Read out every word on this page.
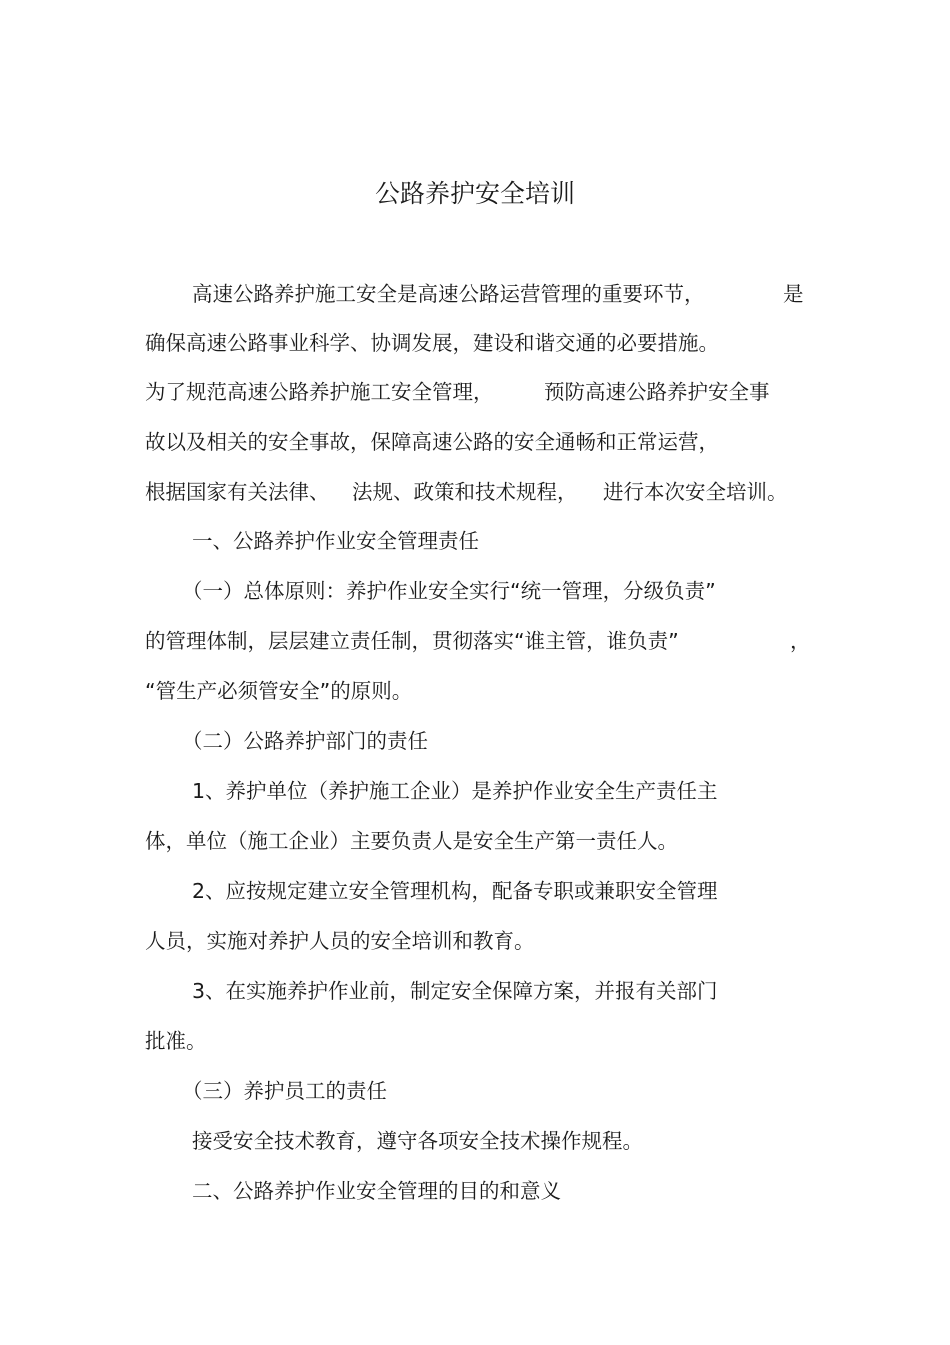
公路养护安全培训
高速公路养护施工安全是高速公路运营管理的重要环节，	是
确保高速公路事业科学、协调发展，建设和谐交通的必要措施。
为了规范高速公路养护施工安全管理， 预防高速公路养护安全事
故以及相关的安全事故，保障高速公路的安全通畅和正常运营，
根据国家有关法律、 法规、政策和技术规程， 进行本次安全培训。
一、公路养护作业安全管理责任
（一）总体原则：养护作业安全实行“统一管理，分级负责”
的管理体制，层层建立责任制，贯彻落实“谁主管，谁负责”	，
“管生产必须管安全”的原则。
（二）公路养护部门的责任
1、养护单位（养护施工企业）是养护作业安全生产责任主
体，单位（施工企业）主要负责人是安全生产第一责任人。
2、应按规定建立安全管理机构，配备专职或兼职安全管理
人员，实施对养护人员的安全培训和教育。
3、在实施养护作业前，制定安全保障方案，并报有关部门
批准。
（三）养护员工的责任
接受安全技术教育，遵守各项安全技术操作规程。
二、公路养护作业安全管理的目的和意义
